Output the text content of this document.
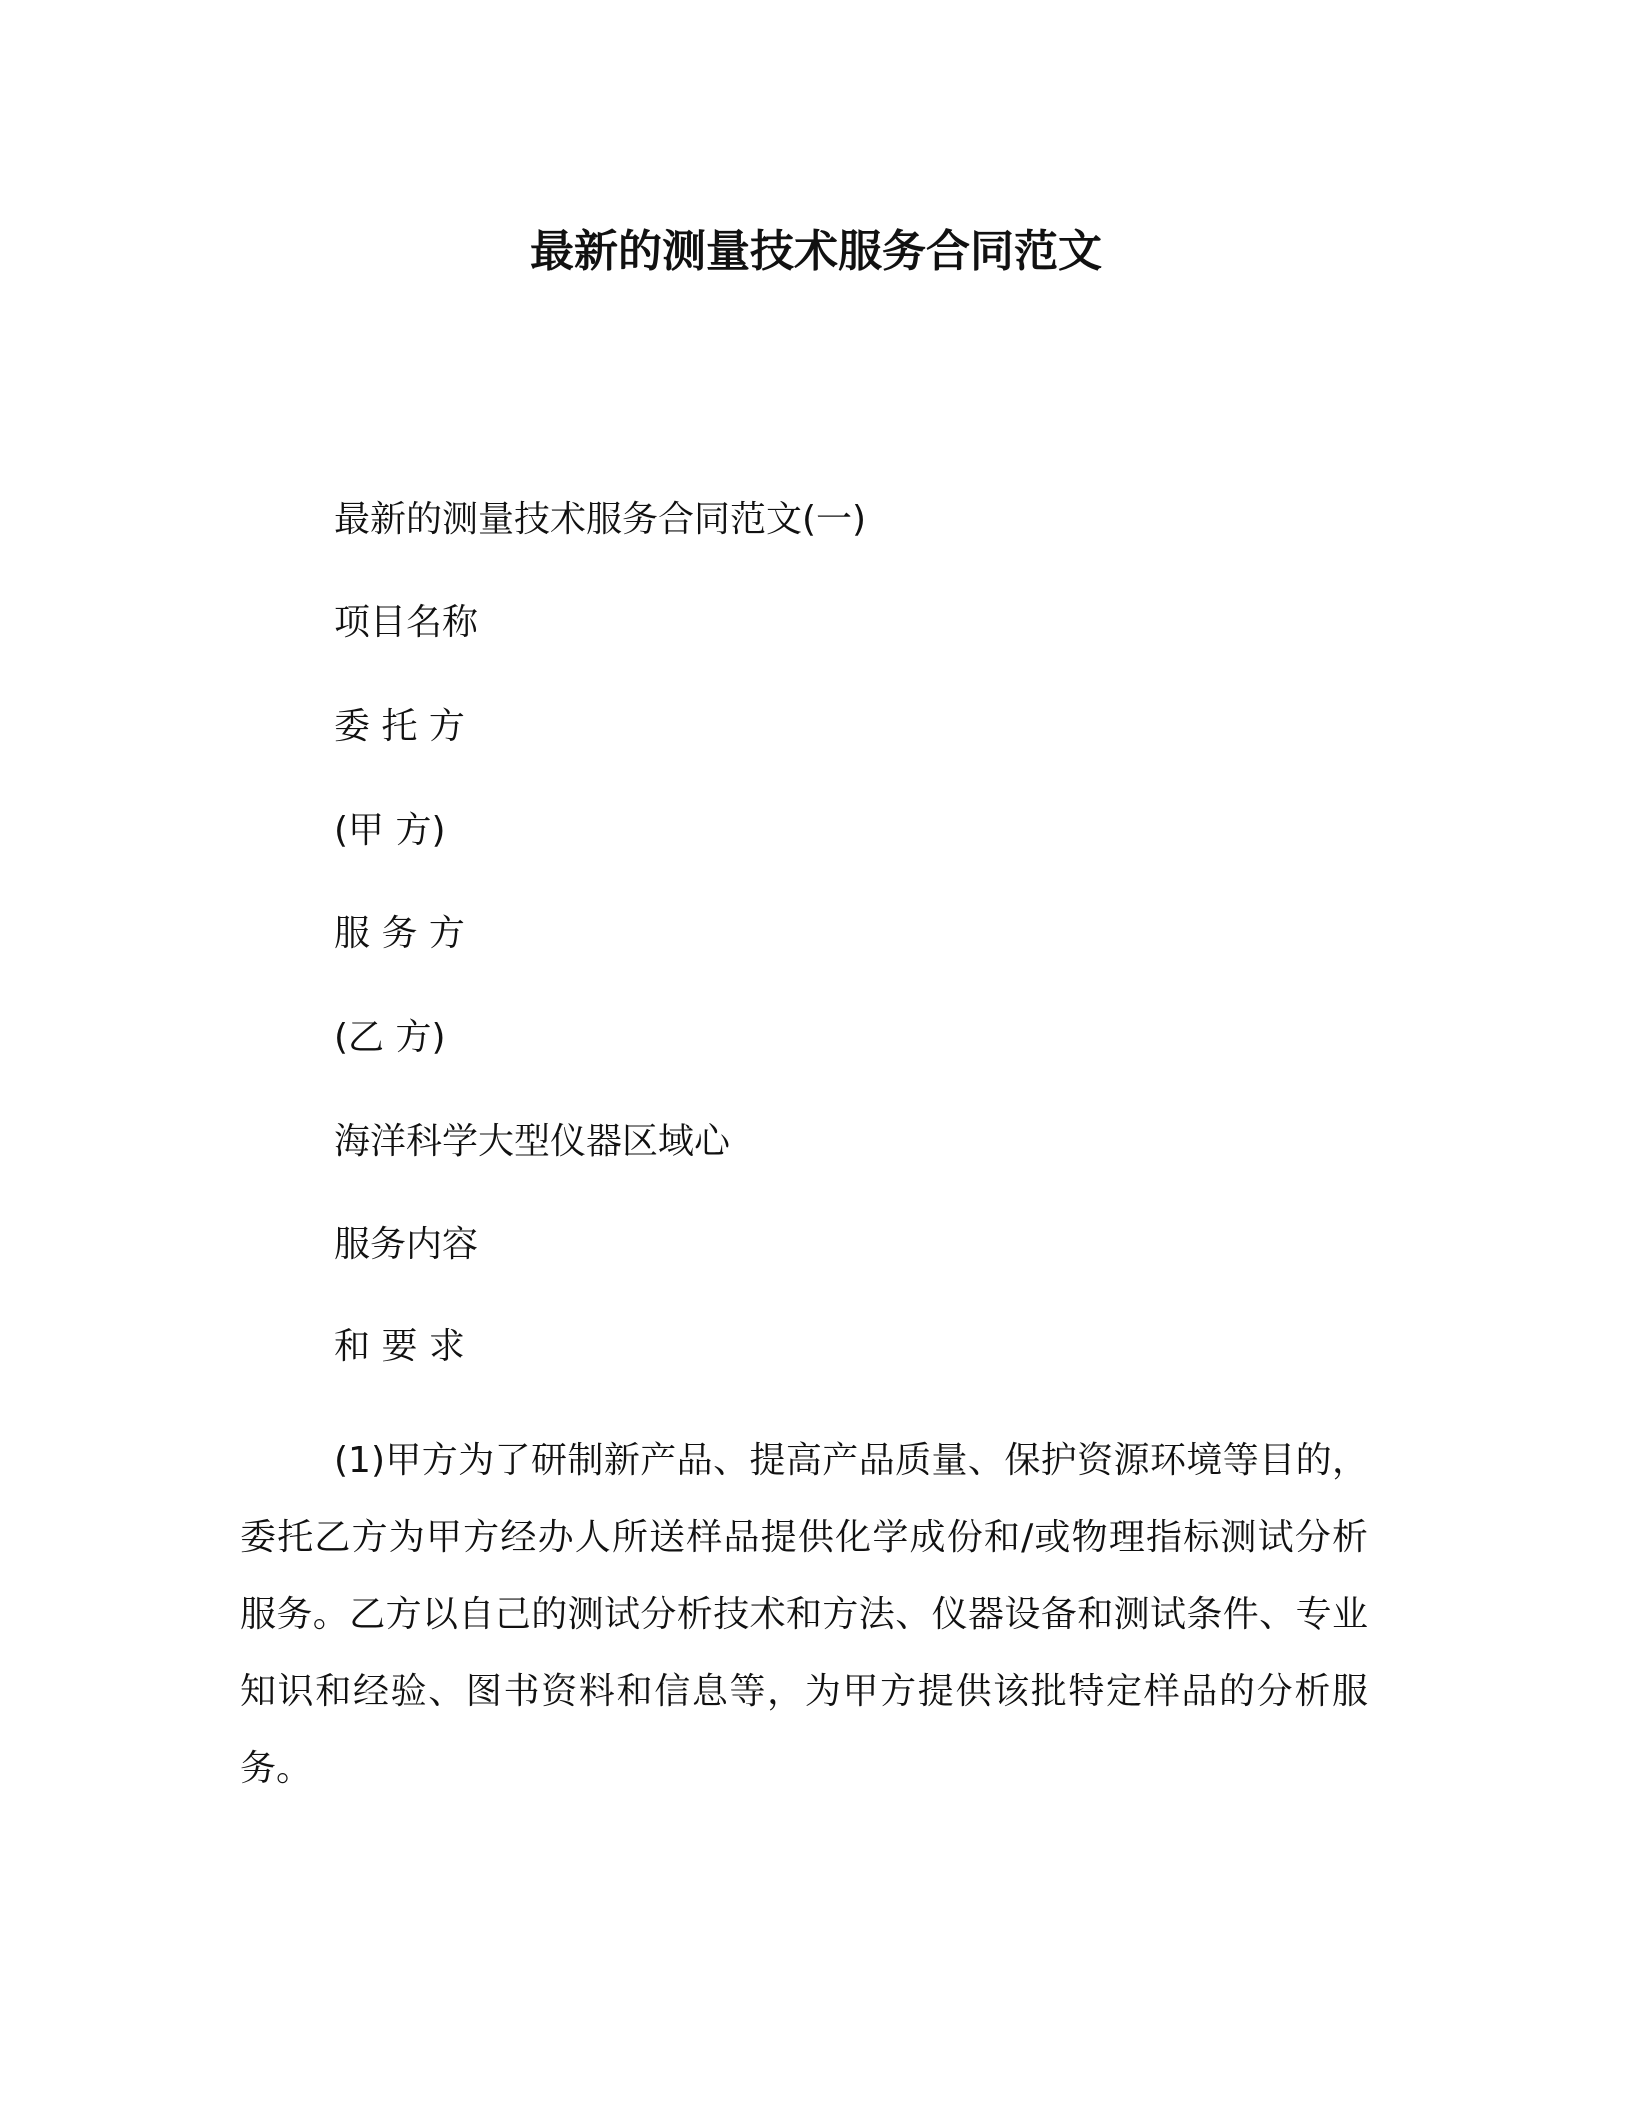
最新的测量技术服务合同范文
最新的测量技术服务合同范文(一)
项目名称
委 托 方
(甲 方)
服 务 方
(乙 方)
海洋科学大型仪器区域心
服务内容
和 要 求
(1)甲方为了研制新产品、提高产品质量、保护资源环境等目的，委托乙方为甲方经办人所送样品提供化学成份和/或物理指标测试分析服务。乙方以自己的测试分析技术和方法、仪器设备和测试条件、专业知识和经验、图书资料和信息等，为甲方提供该批特定样品的分析服务。
